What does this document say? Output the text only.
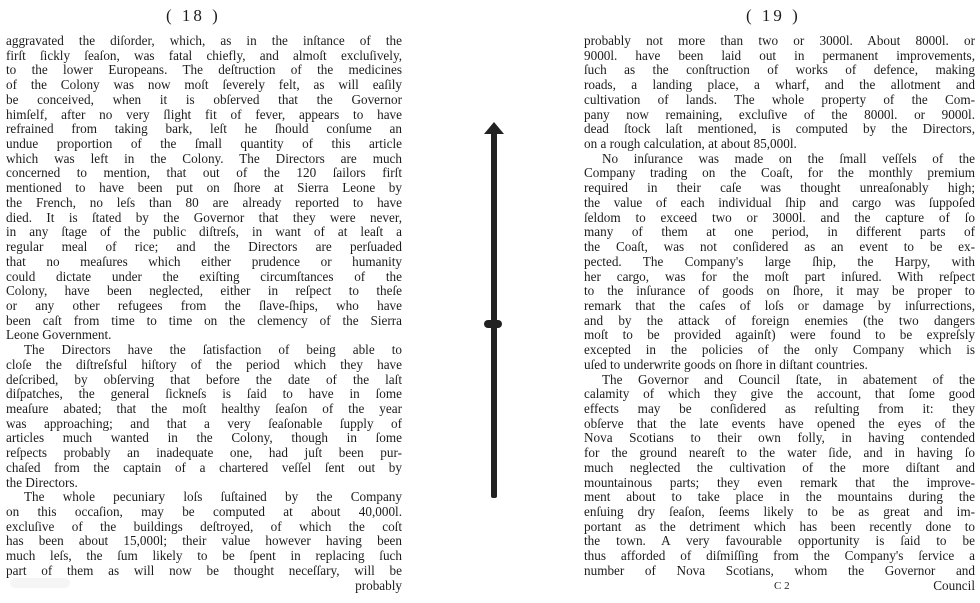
( 18 )
aggravated the diſorder, which, as in the inſtance of the
firſt ſickly ſeaſon, was fatal chiefly, and almoſt excluſively,
to the lower Europeans. The deſtruction of the medicines
of the Colony was now moſt ſeverely felt, as will eaſily
be conceived, when it is obſerved that the Governor
himſelf, after no very ſlight fit of fever, appears to have
refrained from taking bark, leſt he ſhould conſume an
undue proportion of the ſmall quantity of this article
which was left in the Colony. The Directors are much
concerned to mention, that out of the 120 ſailors firſt
mentioned to have been put on ſhore at Sierra Leone by
the French, no leſs than 80 are already reported to have
died. It is ſtated by the Governor that they were never,
in any ſtage of the public diſtreſs, in want of at leaſt a
regular meal of rice; and the Directors are perſuaded
that no meaſures which either prudence or humanity
could dictate under the exiſting circumſtances of the
Colony, have been neglected, either in reſpect to theſe
or any other refugees from the ſlave-ſhips, who have
been caſt from time to time on the clemency of the Sierra
Leone Government.
The Directors have the ſatisfaction of being able to
cloſe the diſtreſsful hiſtory of the period which they have
deſcribed, by obſerving that before the date of the laſt
diſpatches, the general ſickneſs is ſaid to have in ſome
meaſure abated; that the moſt healthy ſeaſon of the year
was approaching; and that a very ſeaſonable ſupply of
articles much wanted in the Colony, though in ſome
reſpects probably an inadequate one, had juſt been pur-
chaſed from the captain of a chartered veſſel ſent out by
the Directors.
The whole pecuniary loſs ſuſtained by the Company
on this occaſion, may be computed at about 40,000l.
excluſive of the buildings deſtroyed, of which the coſt
has been about 15,000l; their value however having been
much leſs, the ſum likely to be ſpent in replacing ſuch
part of them as will now be thought neceſſary, will be
probably
( 19 )
probably not more than two or 3000l. About 8000l. or
9000l. have been laid out in permanent improvements,
ſuch as the conſtruction of works of defence, making
roads, a landing place, a wharf, and the allotment and
cultivation of lands. The whole property of the Com-
pany now remaining, excluſive of the 8000l. or 9000l.
dead ſtock laſt mentioned, is computed by the Directors,
on a rough calculation, at about 85,000l.
No inſurance was made on the ſmall veſſels of the
Company trading on the Coaſt, for the monthly premium
required in their caſe was thought unreaſonably high;
the value of each individual ſhip and cargo was ſuppoſed
ſeldom to exceed two or 3000l. and the capture of ſo
many of them at one period, in different parts of
the Coaſt, was not conſidered as an event to be ex-
pected. The Company's large ſhip, the Harpy, with
her cargo, was for the moſt part inſured. With reſpect
to the inſurance of goods on ſhore, it may be proper to
remark that the caſes of loſs or damage by inſurrections,
and by the attack of foreign enemies (the two dangers
moſt to be provided againſt) were found to be expreſsly
excepted in the policies of the only Company which is
uſed to underwrite goods on ſhore in diſtant countries.
The Governor and Council ſtate, in abatement of the
calamity of which they give the account, that ſome good
effects may be conſidered as reſulting from it: they
obſerve that the late events have opened the eyes of the
Nova Scotians to their own folly, in having contended
for the ground neareſt to the water ſide, and in having ſo
much neglected the cultivation of the more diſtant and
mountainous parts; they even remark that the improve-
ment about to take place in the mountains during the
enſuing dry ſeaſon, ſeems likely to be as great and im-
portant as the detriment which has been recently done to
the town. A very favourable opportunity is ſaid to be
thus afforded of diſmiſſing from the Company's ſervice a
number of Nova Scotians, whom the Governor and
C 2	Council
